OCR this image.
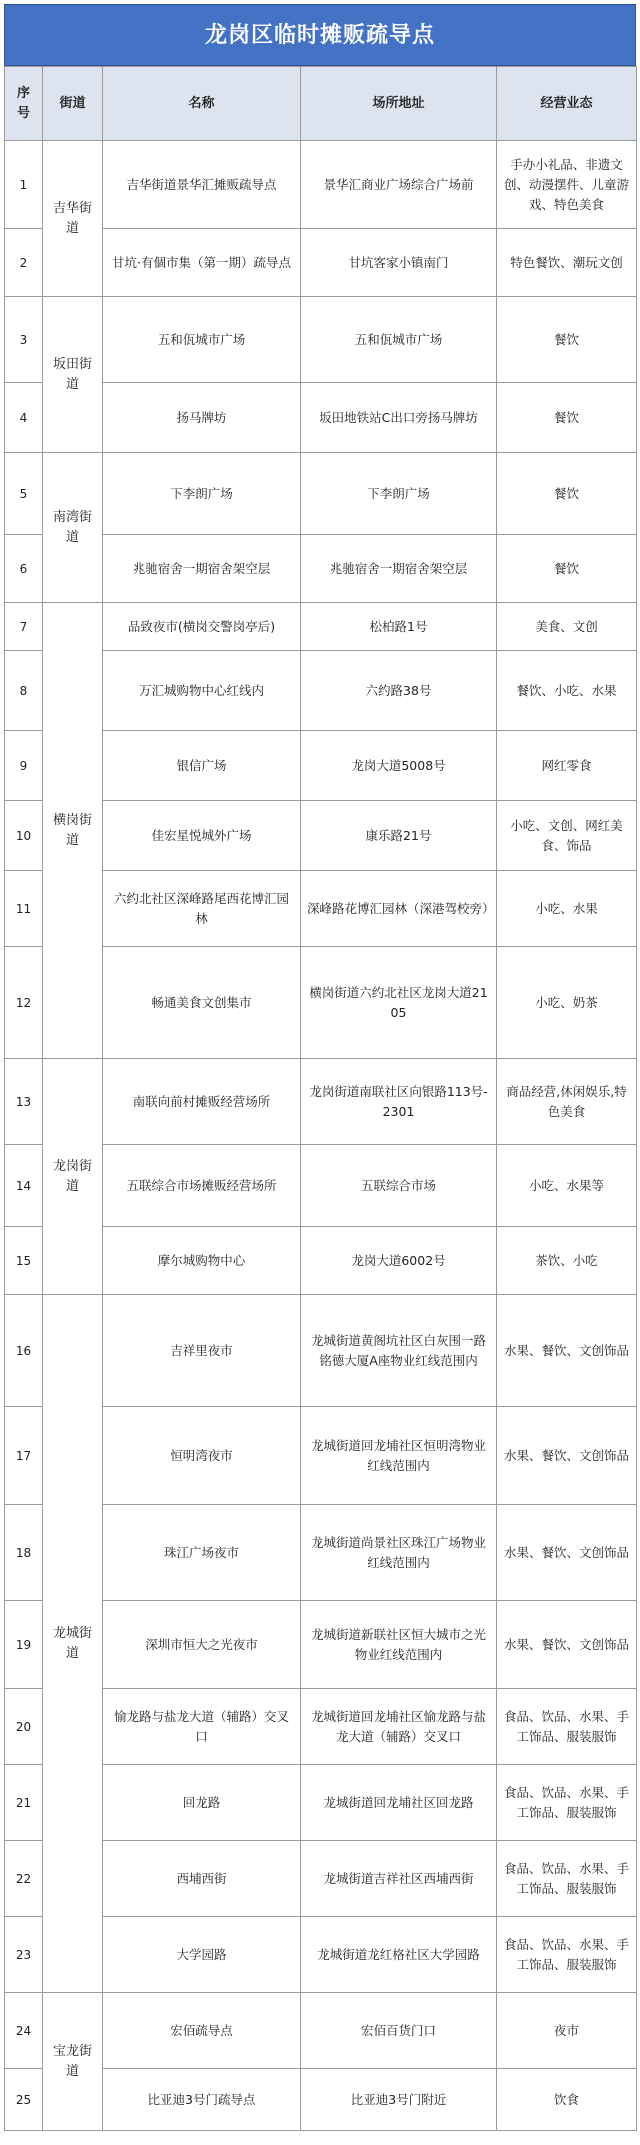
龙岗区临时摊贩疏导点
序号	街道	名称	场所地址	经营业态
1	吉华街道	吉华街道景华汇摊贩疏导点	景华汇商业广场综合广场前	手办小礼品、非遗文创、动漫摆件、儿童游戏、特色美食
2		甘坑·有個市集（第一期）疏导点	甘坑客家小镇南门	特色餐饮、潮玩文创
3	坂田街道	五和佤城市广场	五和佤城市广场	餐饮
4		扬马牌坊	坂田地铁站C出口旁扬马牌坊	餐饮
5	南湾街道	下李朗广场	下李朗广场	餐饮
6		兆驰宿舍一期宿舍架空层	兆驰宿舍一期宿舍架空层	餐饮
7	横岗街道	品致夜市(横岗交警岗亭后)	松柏路1号	美食、文创
8		万汇城购物中心红线内	六约路38号	餐饮、小吃、水果
9		银信广场	龙岗大道5008号	网红零食
10		佳宏星悦城外广场	康乐路21号	小吃、文创、网红美食、饰品
11		六约北社区深峰路尾西花博汇园林	深峰路花博汇园林（深港驾校旁）	小吃、水果
12		畅通美食文创集市	横岗街道六约北社区龙岗大道2105	小吃、奶茶
13	龙岗街道	南联向前村摊贩经营场所	龙岗街道南联社区向银路113号-2301	商品经营,休闲娱乐,特色美食
14		五联综合市场摊贩经营场所	五联综合市场	小吃、水果等
15		摩尔城购物中心	龙岗大道6002号	茶饮、小吃
16	龙城街道	吉祥里夜市	龙城街道黄阁坑社区白灰围一路铭德大厦A座物业红线范围内	水果、餐饮、文创饰品
17		恒明湾夜市	龙城街道回龙埔社区恒明湾物业红线范围内	水果、餐饮、文创饰品
18		珠江广场夜市	龙城街道尚景社区珠江广场物业红线范围内	水果、餐饮、文创饰品
19		深圳市恒大之光夜市	龙城街道新联社区恒大城市之光物业红线范围内	水果、餐饮、文创饰品
20		愉龙路与盐龙大道（辅路）交叉口	龙城街道回龙埔社区愉龙路与盐龙大道（辅路）交叉口	食品、饮品、水果、手工饰品、服装服饰
21		回龙路	龙城街道回龙埔社区回龙路	食品、饮品、水果、手工饰品、服装服饰
22		西埔西街	龙城街道吉祥社区西埔西街	食品、饮品、水果、手工饰品、服装服饰
23		大学园路	龙城街道龙红格社区大学园路	食品、饮品、水果、手工饰品、服装服饰
24	宝龙街道	宏佰疏导点	宏佰百货门口	夜市
25		比亚迪3号门疏导点	比亚迪3号门附近	饮食
